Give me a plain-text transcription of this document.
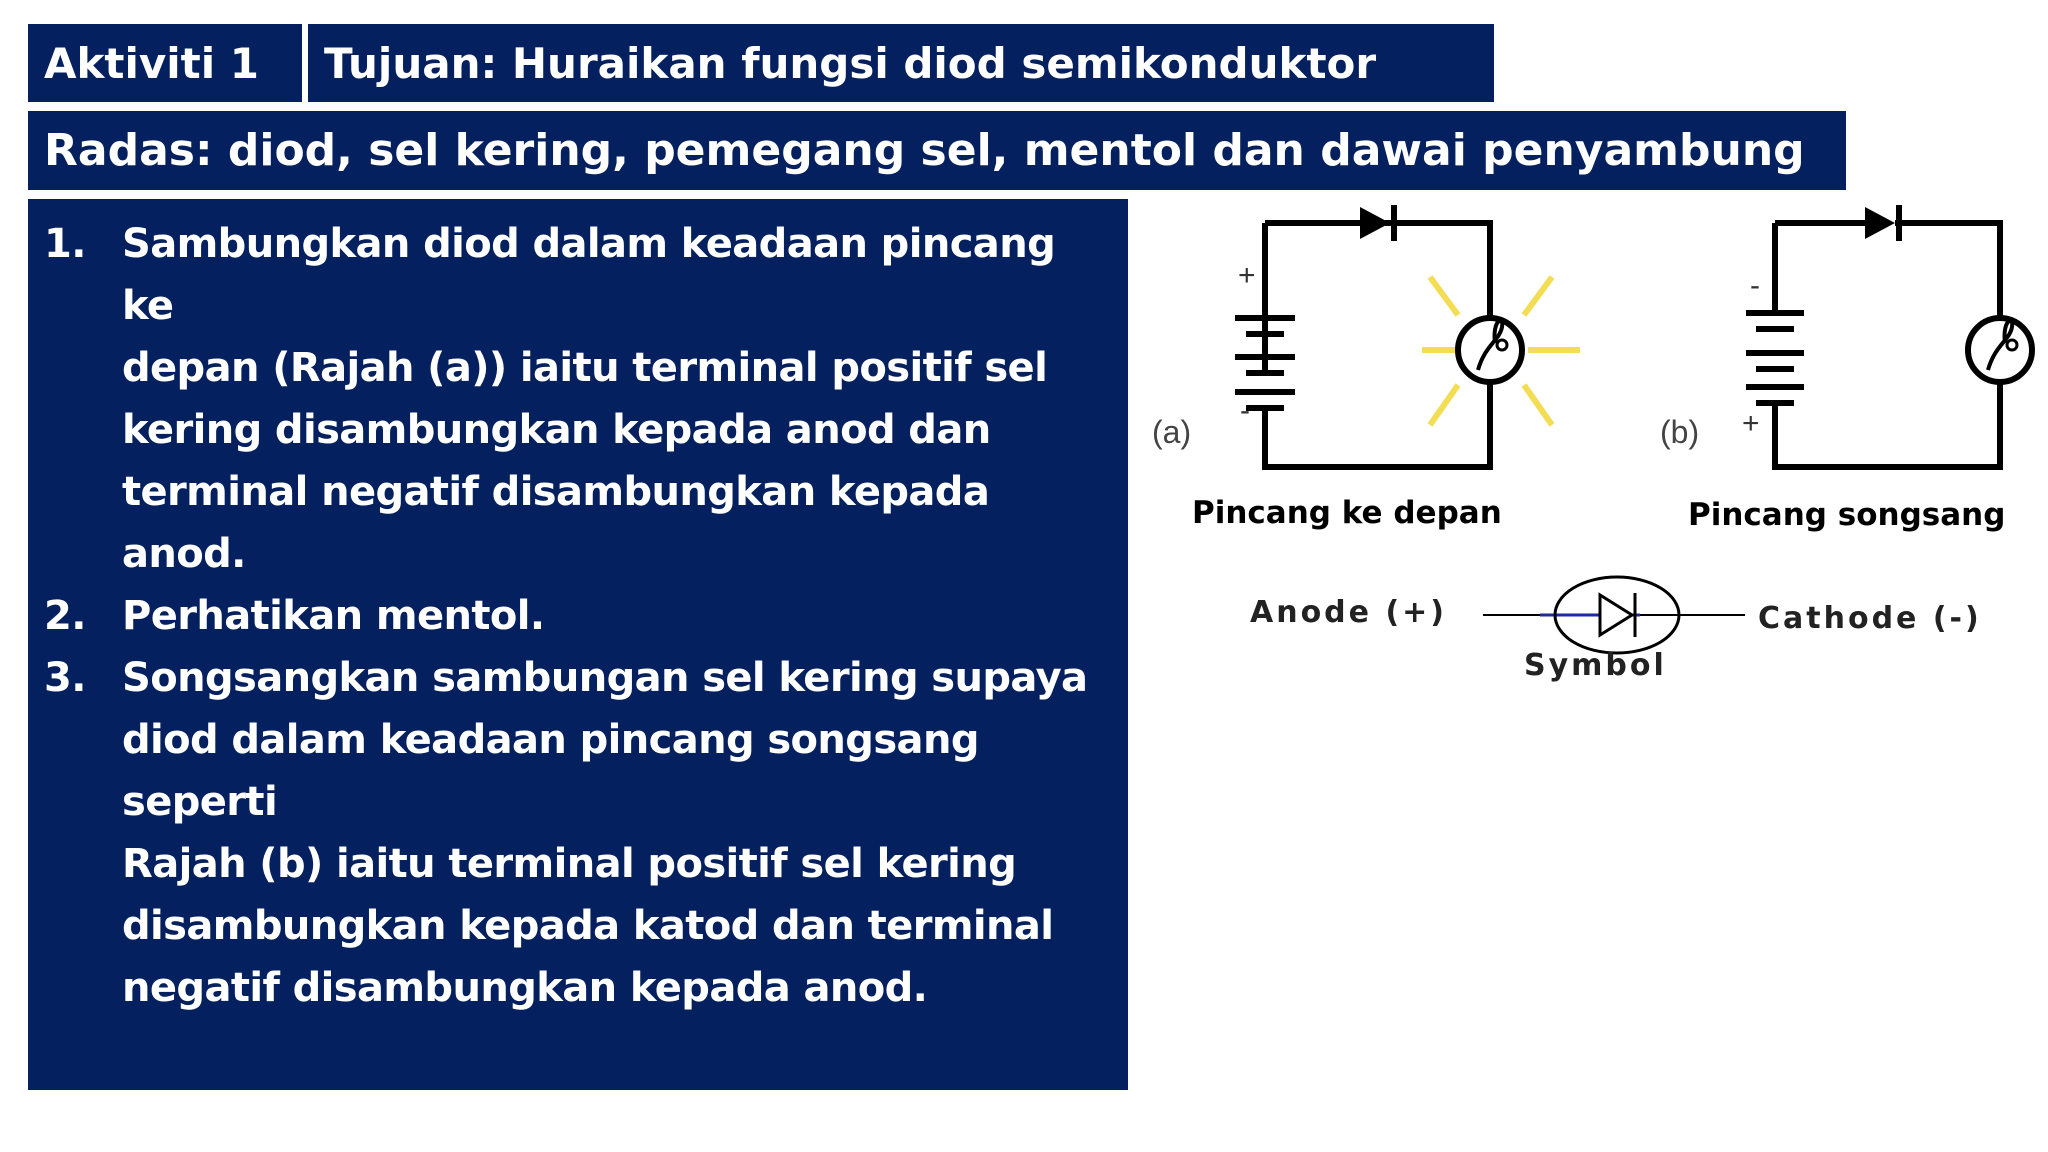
Aktiviti 1	Tujuan: Huraikan fungsi diod semikonduktor
Radas: diod, sel kering, pemegang sel, mentol dan dawai penyambung
1. Sambungkan diod dalam keadaan pincang ke
depan (Rajah (a)) iaitu terminal positif sel
kering disambungkan kepada anod dan
terminal negatif disambungkan kepada anod.
2. Perhatikan mentol.
3. Songsangkan sambungan sel kering supaya
diod dalam keadaan pincang songsang seperti
Rajah (b) iaitu terminal positif sel kering
disambungkan kepada katod dan terminal
negatif disambungkan kepada anod.
+
-
(a)
Pincang ke depan
-
+
(b)
Pincang songsang
Anode (+)	Cathode (-)
Symbol
